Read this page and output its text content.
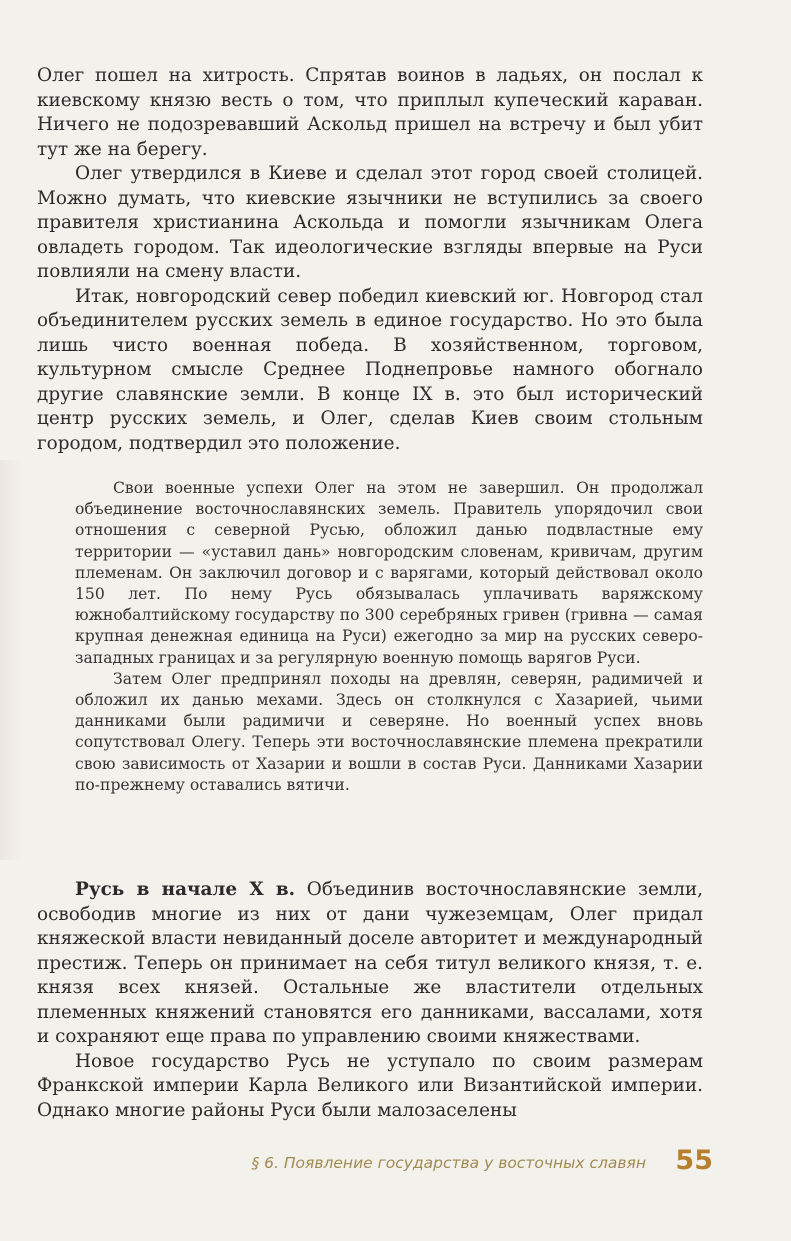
Олег пошел на хитрость. Спрятав воинов в ладьях, он послал к киевскому князю весть о том, что приплыл купеческий караван. Ничего не подозревавший Аскольд пришел на встречу и был убит тут же на берегу.

Олег утвердился в Киеве и сделал этот город своей столицей. Можно думать, что киевские язычники не вступились за своего правителя христианина Аскольда и помогли язычникам Олега овладеть городом. Так идеологические взгляды впервые на Руси повлияли на смену власти.

Итак, новгородский север победил киевский юг. Новгород стал объединителем русских земель в единое государство. Но это была лишь чисто военная победа. В хозяйственном, торговом, культурном смысле Среднее Поднепровье намного обогнало другие славянские земли. В конце IX в. это был исторический центр русских земель, и Олег, сделав Киев своим стольным городом, подтвердил это положение.

Свои военные успехи Олег на этом не завершил. Он продолжал объединение восточнославянских земель. Правитель упорядочил свои отношения с северной Русью, обложил данью подвластные ему территории — «уставил дань» новгородским словенам, кривичам, другим племенам. Он заключил договор и с варягами, который действовал около 150 лет. По нему Русь обязывалась уплачивать варяжскому южнобалтийскому государству по 300 серебряных гривен (гривна — самая крупная денежная единица на Руси) ежегодно за мир на русских северо-западных границах и за регулярную военную помощь варягов Руси.

Затем Олег предпринял походы на древлян, северян, радимичей и обложил их данью мехами. Здесь он столкнулся с Хазарией, чьими данниками были радимичи и северяне. Но военный успех вновь сопутствовал Олегу. Теперь эти восточнославянские племена прекратили свою зависимость от Хазарии и вошли в состав Руси. Данниками Хазарии по-прежнему оставались вятичи.

Русь в начале X в. Объединив восточнославянские земли, освободив многие из них от дани чужеземцам, Олег придал княжеской власти невиданный доселе авторитет и международный престиж. Теперь он принимает на себя титул великого князя, т. е. князя всех князей. Остальные же властители отдельных племенных княжений становятся его данниками, вассалами, хотя и сохраняют еще права по управлению своими княжествами.

Новое государство Русь не уступало по своим размерам Франкской империи Карла Великого или Византийской империи. Однако многие районы Руси были малозаселены

§ 6. Появление государства у восточных славян 55
